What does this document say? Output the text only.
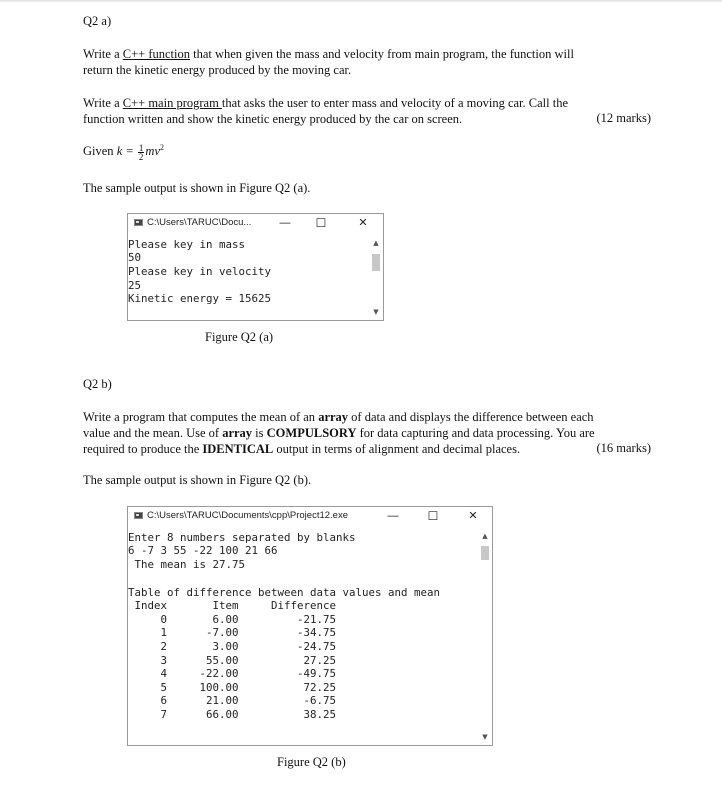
Q2 a)
Write a C++ function that when given the mass and velocity from main program, the function will
return the kinetic energy produced by the moving car.
Write a C++ main program that asks the user to enter mass and velocity of a moving car. Call the
function written and show the kinetic energy produced by the car on screen.	(12 marks)
Given $k = \frac{1}{2} mv^2$
The sample output is shown in Figure Q2 (a).
C:\Users\TARUC\Docu...	—	☐	✕

Please key in mass

50

Please key in velocity

25

Kinetic energy = 15625

▲
▼
Figure Q2 (a)
Q2 b)
Write a program that computes the mean of an array of data and displays the difference between each
value and the mean. Use of array is COMPULSORY for data capturing and data processing. You are
required to produce the IDENTICAL output in terms of alignment and decimal places.	(16 marks)
The sample output is shown in Figure Q2 (b).
C:\Users\TARUC\Documents\cpp\Project12.exe	—	☐	✕

Enter 8 numbers separated by blanks

6 -7 3 55 -22 100 21 66

The mean is 27.75

Table of difference between data values and mean

Index       Item     Difference

0       6.00         -21.75

1      -7.00         -34.75

2       3.00         -24.75

3      55.00          27.25

4     -22.00         -49.75

5     100.00          72.25

6      21.00          -6.75

7      66.00          38.25

▲
▼
Figure Q2 (b)
